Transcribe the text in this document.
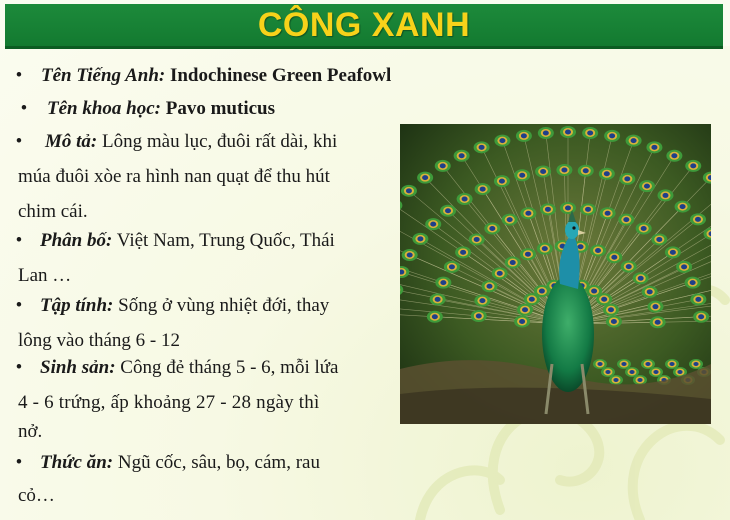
CÔNG XANH
• Tên Tiếng Anh: Indochinese Green Peafowl
• Tên khoa học: Pavo muticus
•	Mô tả: Lông màu lục, đuôi rất dài, khi
múa đuôi xòe ra hình nan quạt để thu hút
chim cái.
• Phân bố: Việt Nam, Trung Quốc, Thái
Lan …
• Tập tính: Sống ở vùng nhiệt đới, thay
lông vào tháng 6 - 12
• Sinh sản: Công đẻ tháng 5 - 6, mỗi lứa
4 - 6 trứng, ấp khoảng 27 - 28 ngày thì
nở.
• Thức ăn: Ngũ cốc, sâu, bọ, cám, rau
cỏ…
